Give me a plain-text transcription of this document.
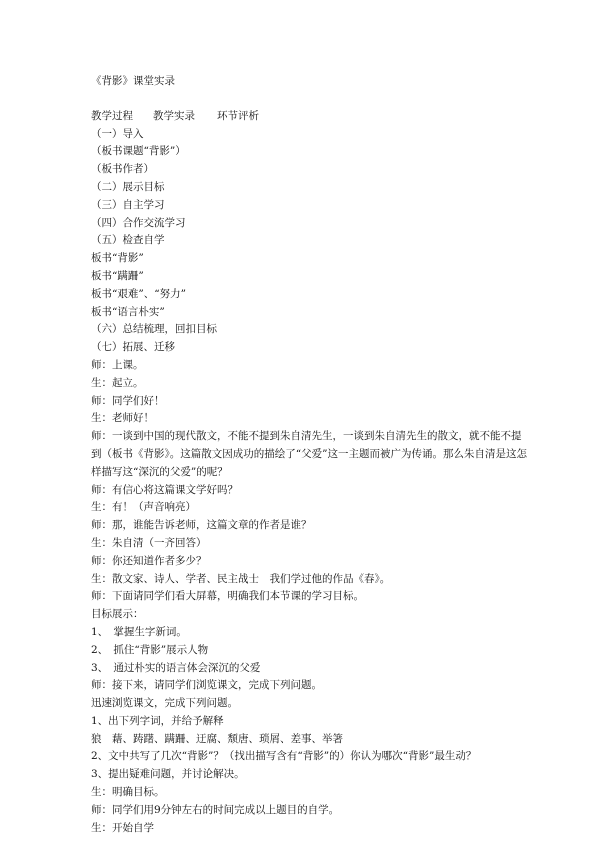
《背影》课堂实录
教学过程 教学实录 环节评析
（一）导入
（板书课题“背影”）
（板书作者）
（二）展示目标
（三）自主学习
（四）合作交流学习
（五）检查自学
板书“背影”
板书“蹒跚”
板书“艰难”、“努力”
板书“语言朴实”
（六）总结梳理，回扣目标
（七）拓展、迁移
师：上课。
生：起立。
师：同学们好！
生：老师好！
师：一谈到中国的现代散文，不能不提到朱自清先生，一谈到朱自清先生的散文，就不能不提到（板书《背影》。这篇散文因成功的描绘了“父爱”这一主题而被广为传诵。那么朱自清是这怎样描写这“深沉的父爱”的呢？
师：有信心将这篇课文学好吗？
生：有！（声音响亮）
师：那，谁能告诉老师，这篇文章的作者是谁？
生：朱自清（一齐回答）
师：你还知道作者多少？
生：散文家、诗人、学者、民主战士　我们学过他的作品《春》。
师：下面请同学们看大屏幕，明确我们本节课的学习目标。
目标展示：
1、　掌握生字新词。
2、　抓住“背影”展示人物
3、　通过朴实的语言体会深沉的父爱
师：接下来，请同学们浏览课文，完成下列问题。
迅速浏览课文，完成下列问题。
1、出下列字词，并给予解释
狼　藉、踌躇、蹒跚、迂腐、颓唐、琐屑、差事、举箸
2、文中共写了几次“背影”？（找出描写含有“背影”的）你认为哪次“背影”最生动？
3、提出疑难问题，并讨论解决。
生：明确目标。
师：同学们用9分钟左右的时间完成以上题目的自学。
生：开始自学
